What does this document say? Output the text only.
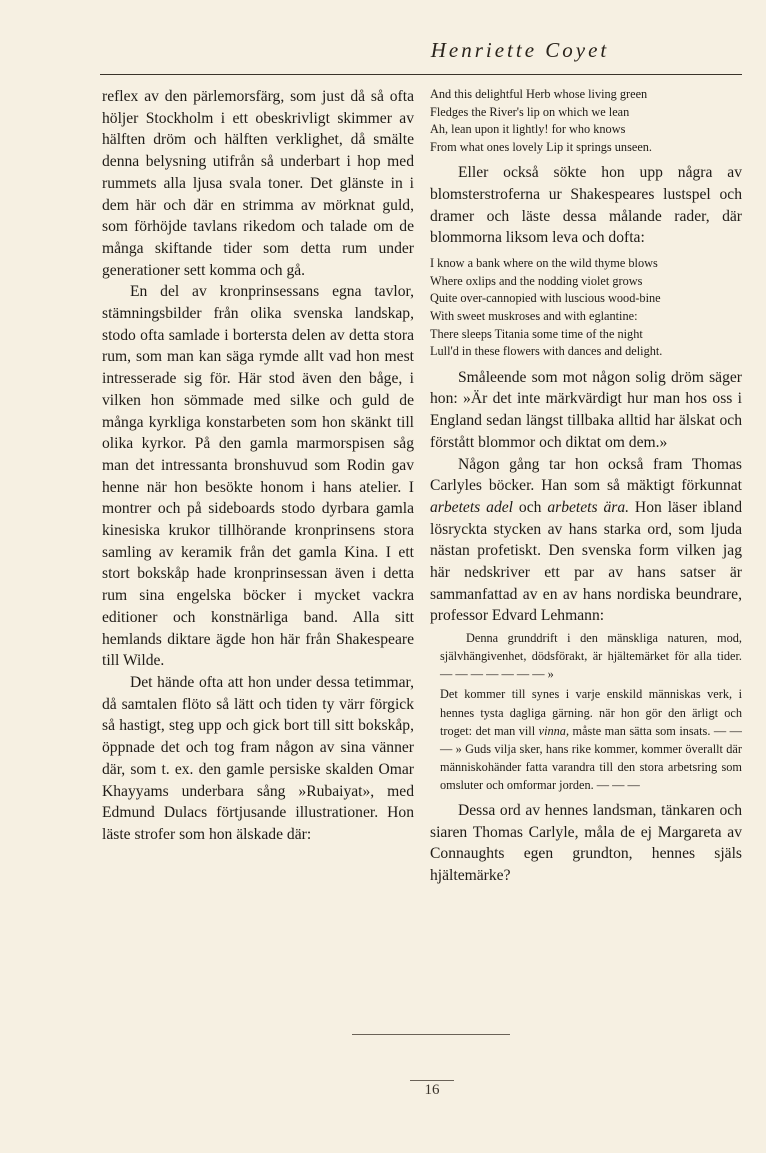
Henriette Coyet

reflex av den pärlemorsfärg, som just då så ofta höljer Stockholm i ett obeskrivligt skimmer av hälften dröm och hälften verklighet, då smälte denna belysning utifrån så underbart i hop med rummets alla ljusa svala toner. Det glänste in i dem här och där en strimma av mörknat guld, som förhöjde tavlans rikedom och talade om de många skiftande tider som detta rum under generationer sett komma och gå.

En del av kronprinsessans egna tavlor, stämningsbilder från olika svenska landskap, stodo ofta samlade i bortersta delen av detta stora rum, som man kan säga rymde allt vad hon mest intresserade sig för. Här stod även den båge, i vilken hon sömmade med silke och guld de många kyrkliga konstarbeten som hon skänkt till olika kyrkor. På den gamla marmorspisen såg man det intressanta bronshuvud som Rodin gav henne när hon besökte honom i hans atelier. I montrer och på sideboards stodo dyrbara gamla kinesiska krukor tillhörande kronprinsens stora samling av keramik från det gamla Kina. I ett stort bokskåp hade kronprinsessan även i detta rum sina engelska böcker i mycket vackra editioner och konstnärliga band. Alla sitt hemlands diktare ägde hon här från Shakespeare till Wilde.

Det hände ofta att hon under dessa tetimmar, då samtalen flöto så lätt och tiden ty värr förgick så hastigt, steg upp och gick bort till sitt bokskåp, öppnade det och tog fram någon av sina vänner där, som t. ex. den gamle persiske skalden Omar Khayyams underbara sång »Rubaiyat», med Edmund Dulacs förtjusande illustrationer. Hon läste strofer som hon älskade där:

And this delightful Herb whose living green
Fledges the River's lip on which we lean
Ah, lean upon it lightly! for who knows
From what ones lovely Lip it springs unseen.

Eller också sökte hon upp några av blomsterstroferna ur Shakespeares lustspel och dramer och läste dessa målande rader, där blommorna liksom leva och dofta:

I know a bank where on the wild thyme blows
Where oxlips and the nodding violet grows
Quite over-cannopied with luscious wood-bine
With sweet muskroses and with eglantine:
There sleeps Titania some time of the night
Lull'd in these flowers with dances and delight.

Småleende som mot någon solig dröm säger hon: »Är det inte märkvärdigt hur man hos oss i England sedan längst tillbaka alltid har älskat och förstått blommor och diktat om dem.»

Någon gång tar hon också fram Thomas Carlyles böcker. Han som så mäktigt förkunnat arbetets adel och arbetets ära. Hon läser ibland lösryckta stycken av hans starka ord, som ljuda nästan profetiskt. Den svenska form vilken jag här nedskriver ett par av hans satser är sammanfattad av en av hans nordiska beundrare, professor Edvard Lehmann:

Denna grunddrift i den mänskliga naturen, mod, självhängivenhet, dödsförakt, är hjältemärket för alla tider. — — — — — — — »

Det kommer till synes i varje enskild människas verk, i hennes tysta dagliga gärning. när hon gör den ärligt och troget: det man vill vinna, måste man sätta som insats. — — — » Guds vilja sker, hans rike kommer, kommer överallt där människohänder fatta varandra till den stora arbetsring som omsluter och omformar jorden. — — —

Dessa ord av hennes landsman, tänkaren och siaren Thomas Carlyle, måla de ej Margareta av Connaughts egen grundton, hennes själs hjältemärke?

16
